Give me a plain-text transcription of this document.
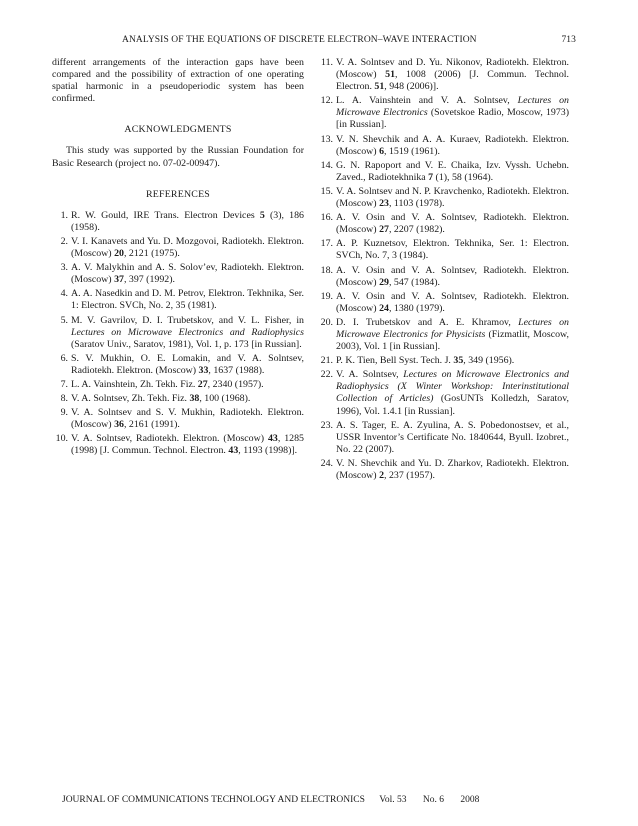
ANALYSIS OF THE EQUATIONS OF DISCRETE ELECTRON–WAVE INTERACTION	713

different arrangements of the interaction gaps have been compared and the possibility of extraction of one operating spatial harmonic in a pseudoperiodic system has been confirmed.

ACKNOWLEDGMENTS

This study was supported by the Russian Foundation for Basic Research (project no. 07-02-00947).

REFERENCES
1. R. W. Gould, IRE Trans. Electron Devices 5 (3), 186 (1958).
2. V. I. Kanavets and Yu. D. Mozgovoi, Radiotekh. Elektron. (Moscow) 20, 2121 (1975).
3. A. V. Malykhin and A. S. Solov’ev, Radiotekh. Elektron. (Moscow) 37, 397 (1992).
4. A. A. Nasedkin and D. M. Petrov, Elektron. Tekhnika, Ser. 1: Electron. SVCh, No. 2, 35 (1981).
5. M. V. Gavrilov, D. I. Trubetskov, and V. L. Fisher, in Lectures on Microwave Electronics and Radiophysics (Saratov Univ., Saratov, 1981), Vol. 1, p. 173 [in Russian].
6. S. V. Mukhin, O. E. Lomakin, and V. A. Solntsev, Radiotekh. Elektron. (Moscow) 33, 1637 (1988).
7. L. A. Vainshtein, Zh. Tekh. Fiz. 27, 2340 (1957).
8. V. A. Solntsev, Zh. Tekh. Fiz. 38, 100 (1968).
9. V. A. Solntsev and S. V. Mukhin, Radiotekh. Elektron. (Moscow) 36, 2161 (1991).
10. V. A. Solntsev, Radiotekh. Elektron. (Moscow) 43, 1285 (1998) [J. Commun. Technol. Electron. 43, 1193 (1998)].
11. V. A. Solntsev and D. Yu. Nikonov, Radiotekh. Elektron. (Moscow) 51, 1008 (2006) [J. Commun. Technol. Electron. 51, 948 (2006)].
12. L. A. Vainshtein and V. A. Solntsev, Lectures on Microwave Electronics (Sovetskoe Radio, Moscow, 1973) [in Russian].
13. V. N. Shevchik and A. A. Kuraev, Radiotekh. Elektron. (Moscow) 6, 1519 (1961).
14. G. N. Rapoport and V. E. Chaika, Izv. Vyssh. Uchebn. Zaved., Radiotekhnika 7 (1), 58 (1964).
15. V. A. Solntsev and N. P. Kravchenko, Radiotekh. Elektron. (Moscow) 23, 1103 (1978).
16. A. V. Osin and V. A. Solntsev, Radiotekh. Elektron. (Moscow) 27, 2207 (1982).
17. A. P. Kuznetsov, Elektron. Tekhnika, Ser. 1: Electron. SVCh, No. 7, 3 (1984).
18. A. V. Osin and V. A. Solntsev, Radiotekh. Elektron. (Moscow) 29, 547 (1984).
19. A. V. Osin and V. A. Solntsev, Radiotekh. Elektron. (Moscow) 24, 1380 (1979).
20. D. I. Trubetskov and A. E. Khramov, Lectures on Microwave Electronics for Physicists (Fizmatlit, Moscow, 2003), Vol. 1 [in Russian].
21. P. K. Tien, Bell Syst. Tech. J. 35, 349 (1956).
22. V. A. Solntsev, Lectures on Microwave Electronics and Radiophysics (X Winter Workshop: Interinstitutional Collection of Articles) (GosUNTs Kolledzh, Saratov, 1996), Vol. 1.4.1 [in Russian].
23. A. S. Tager, E. A. Zyulina, A. S. Pobedonostsev, et al., USSR Inventor’s Certificate No. 1840644, Byull. Izobret., No. 22 (2007).
24. V. N. Shevchik and Yu. D. Zharkov, Radiotekh. Elektron. (Moscow) 2, 237 (1957).
JOURNAL OF COMMUNICATIONS TECHNOLOGY AND ELECTRONICS Vol. 53 No. 6 2008
